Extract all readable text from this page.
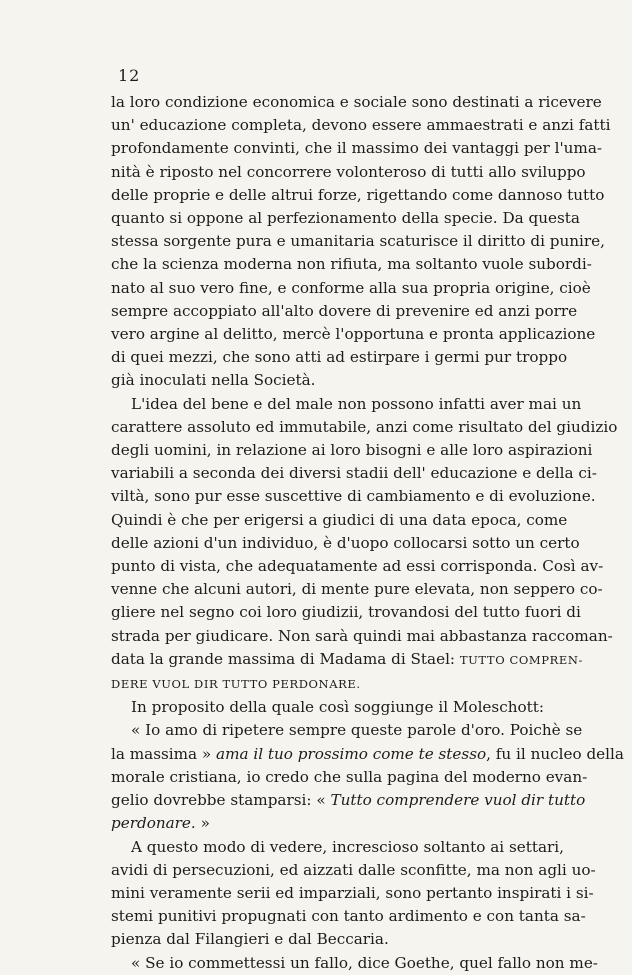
12
la loro condizione economica e sociale sono destinati a ricevere
un' educazione completa, devono essere ammaestrati e anzi fatti
profondamente convinti, che il massimo dei vantaggi per l'uma-
nità è riposto nel concorrere volonteroso di tutti allo sviluppo
delle proprie e delle altrui forze, rigettando come dannoso tutto
quanto si oppone al perfezionamento della specie. Da questa
stessa sorgente pura e umanitaria scaturisce il diritto di punire,
che la scienza moderna non rifiuta, ma soltanto vuole subordi-
nato al suo vero fine, e conforme alla sua propria origine, cioè
sempre accoppiato all'alto dovere di prevenire ed anzi porre
vero argine al delitto, mercè l'opportuna e pronta applicazione
di quei mezzi, che sono atti ad estirpare i germi pur troppo
già inoculati nella Società.
L'idea del bene e del male non possono infatti aver mai un
carattere assoluto ed immutabile, anzi come risultato del giudizio
degli uomini, in relazione ai loro bisogni e alle loro aspirazioni
variabili a seconda dei diversi stadii dell' educazione e della ci-
viltà, sono pur esse suscettive di cambiamento e di evoluzione.
Quindi è che per erigersi a giudici di una data epoca, come
delle azioni d'un individuo, è d'uopo collocarsi sotto un certo
punto di vista, che adequatamente ad essi corrisponda. Così av-
venne che alcuni autori, di mente pure elevata, non seppero co-
gliere nel segno coi loro giudizii, trovandosi del tutto fuori di
strada per giudicare. Non sarà quindi mai abbastanza raccoman-
data la grande massima di Madama di Stael: TUTTO COMPREN-
DERE VUOL DIR TUTTO PERDONARE.
In proposito della quale così soggiunge il Moleschott:
« Io amo di ripetere sempre queste parole d'oro. Poichè se
la massima » ama il tuo prossimo come te stesso, fu il nucleo della
morale cristiana, io credo che sulla pagina del moderno evan-
gelio dovrebbe stamparsi: « Tutto comprendere vuol dir tutto
perdonare. »
A questo modo di vedere, increscioso soltanto ai settari,
avidi di persecuzioni, ed aizzati dalle sconfitte, ma non agli uo-
mini veramente serii ed imparziali, sono pertanto inspirati i si-
stemi punitivi propugnati con tanto ardimento e con tanta sa-
pienza dal Filangieri e dal Beccaria.
« Se io commettessi un fallo, dice Goethe, quel fallo non me-
